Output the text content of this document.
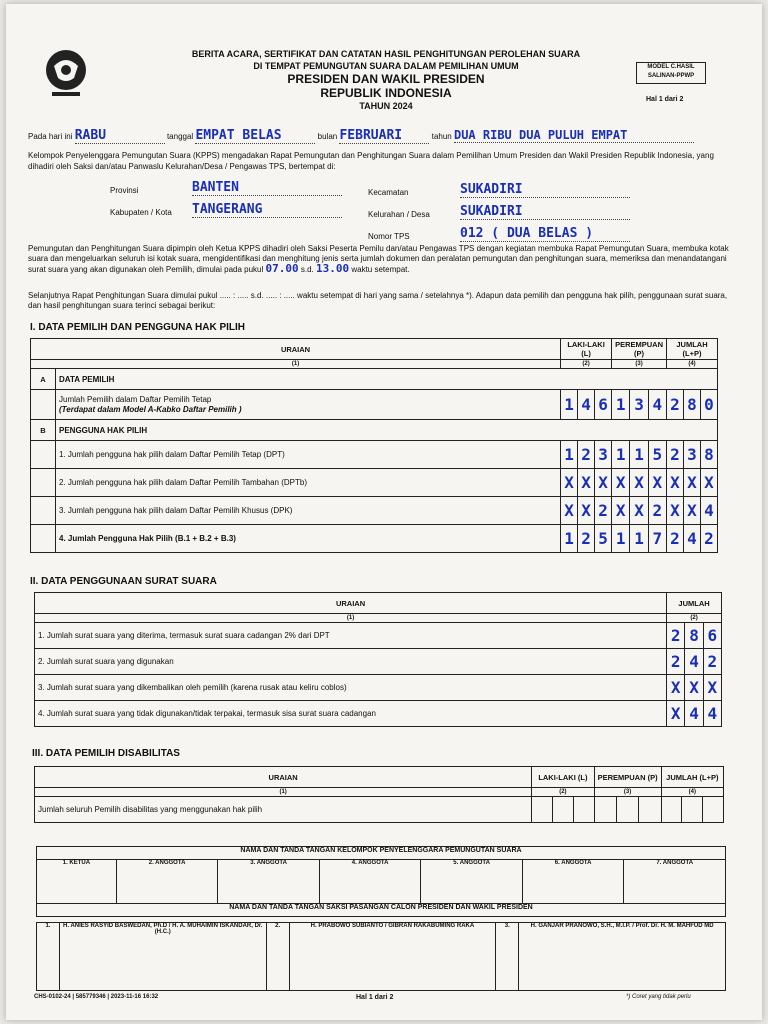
BERITA ACARA, SERTIFIKAT DAN CATATAN HASIL PENGHITUNGAN PEROLEHAN SUARA
DI TEMPAT PEMUNGUTAN SUARA DALAM PEMILIHAN UMUM
PRESIDEN DAN WAKIL PRESIDEN
REPUBLIK INDONESIA
TAHUN 2024
MODEL C.HASIL SALINAN-PPWP
Hal 1 dari 2
Pada hari ini RABU	tanggal EMPAT BELAS	bulan FEBRUARI	tahun DUA RIBU DUA PULUH EMPAT
Kelompok Penyelenggara Pemungutan Suara (KPPS) mengadakan Rapat Pemungutan dan Penghitungan Suara dalam Pemilihan Umum Presiden dan Wakil Presiden Republik Indonesia, yang dihadiri oleh Saksi dan/atau Panwaslu Kelurahan/Desa / Pengawas TPS, bertempat di:
Provinsi	BANTEN
Kabupaten / Kota TANGERANG
Kecamatan	SUKADIRI
Kelurahan / Desa SUKADIRI
Nomor TPS	012 ( DUA BELAS )
Pemungutan dan Penghitungan Suara dipimpin oleh Ketua KPPS dihadiri oleh Saksi Peserta Pemilu dan/atau Pengawas TPS dengan kegiatan membuka Rapat Pemungutan Suara, membuka kotak suara dan mengeluarkan seluruh isi kotak suara, mengidentifikasi dan menghitung jenis serta jumlah dokumen dan peralatan pemungutan dan penghitungan suara, memeriksa dan menandatangani surat suara yang akan digunakan oleh Pemilih, dimulai pada pukul 07.00 s.d. 13.00 waktu setempat.
Selanjutnya Rapat Penghitungan Suara dimulai pukul ..... : ..... s.d. ..... : ..... waktu setempat di hari yang sama / setelahnya *). Adapun data pemilih dan pengguna hak pilih, penggunaan surat suara, dan hasil penghitungan suara terinci sebagai berikut:
I. DATA PEMILIH DAN PENGGUNA HAK PILIH
URAIAN		LAKI-LAKI (L)			PEREMPUAN (P)			JUMLAH (L+P)		
(1)		(2)			(3)			(4)		
A	DATA PEMILIH									

	Jumlah Pemilih dalam Daftar Pemilih Tetap
(Terdapat dalam Model A-Kabko Daftar Pemilih )	1	4	6	1	3	4	2	8	0
B	PENGGUNA HAK PILIH									
	1. Jumlah pengguna hak pilih dalam Daftar Pemilih Tetap (DPT)	1	2	3	1	1	5	2	3	8
	2. Jumlah pengguna hak pilih dalam Daftar Pemilih Tambahan (DPTb)	X	X	X	X	X	X	X	X	X
	3. Jumlah pengguna hak pilih dalam Daftar Pemilih Khusus (DPK)	X	X	2	X	X	2	X	X	4
	4. Jumlah Pengguna Hak Pilih (B.1 + B.2 + B.3)	1	2	5	1	1	7	2	4	2
II. DATA PENGGUNAAN SURAT SUARA
URAIAN	JUMLAH		
(1)	(2)		
1. Jumlah surat suara yang diterima, termasuk surat suara cadangan 2% dari DPT	2	8	6
2. Jumlah surat suara yang digunakan	2	4	2
3. Jumlah surat suara yang dikembalikan oleh pemilih (karena rusak atau keliru coblos)	X	X	X
4. Jumlah surat suara yang tidak digunakan/tidak terpakai, termasuk sisa surat suara cadangan	X	4	4
III. DATA PEMILIH DISABILITAS
URAIAN	LAKI-LAKI (L)			PEREMPUAN (P)			JUMLAH (L+P)		
(1)	(2)			(3)			(4)		
Jumlah seluruh Pemilih disabilitas yang menggunakan hak pilih									
NAMA DAN TANDA TANGAN KELOMPOK PENYELENGGARA PEMUNGUTAN SUARA
1. KETUA	2. ANGGOTA	3. ANGGOTA	4. ANGGOTA	5. ANGGOTA	6. ANGGOTA	7. ANGGOTA
NAMA DAN TANDA TANGAN SAKSI PASANGAN CALON PRESIDEN DAN WAKIL PRESIDEN
1.	H. ANIES RASYID BASWEDAN, Ph.D / H. A. MUHAIMIN ISKANDAR, Dr. (H.C.)	2.	H. PRABOWO SUBIANTO / GIBRAN RAKABUMING RAKA	3.	H. GANJAR PRANOWO, S.H., M.I.P. / Prof. Dr. H. M. MAHFUD MD
CHS-0102-24 | 585779346 | 2023-11-16 16:32	Hal 1 dari 2	*) Coret yang tidak perlu
